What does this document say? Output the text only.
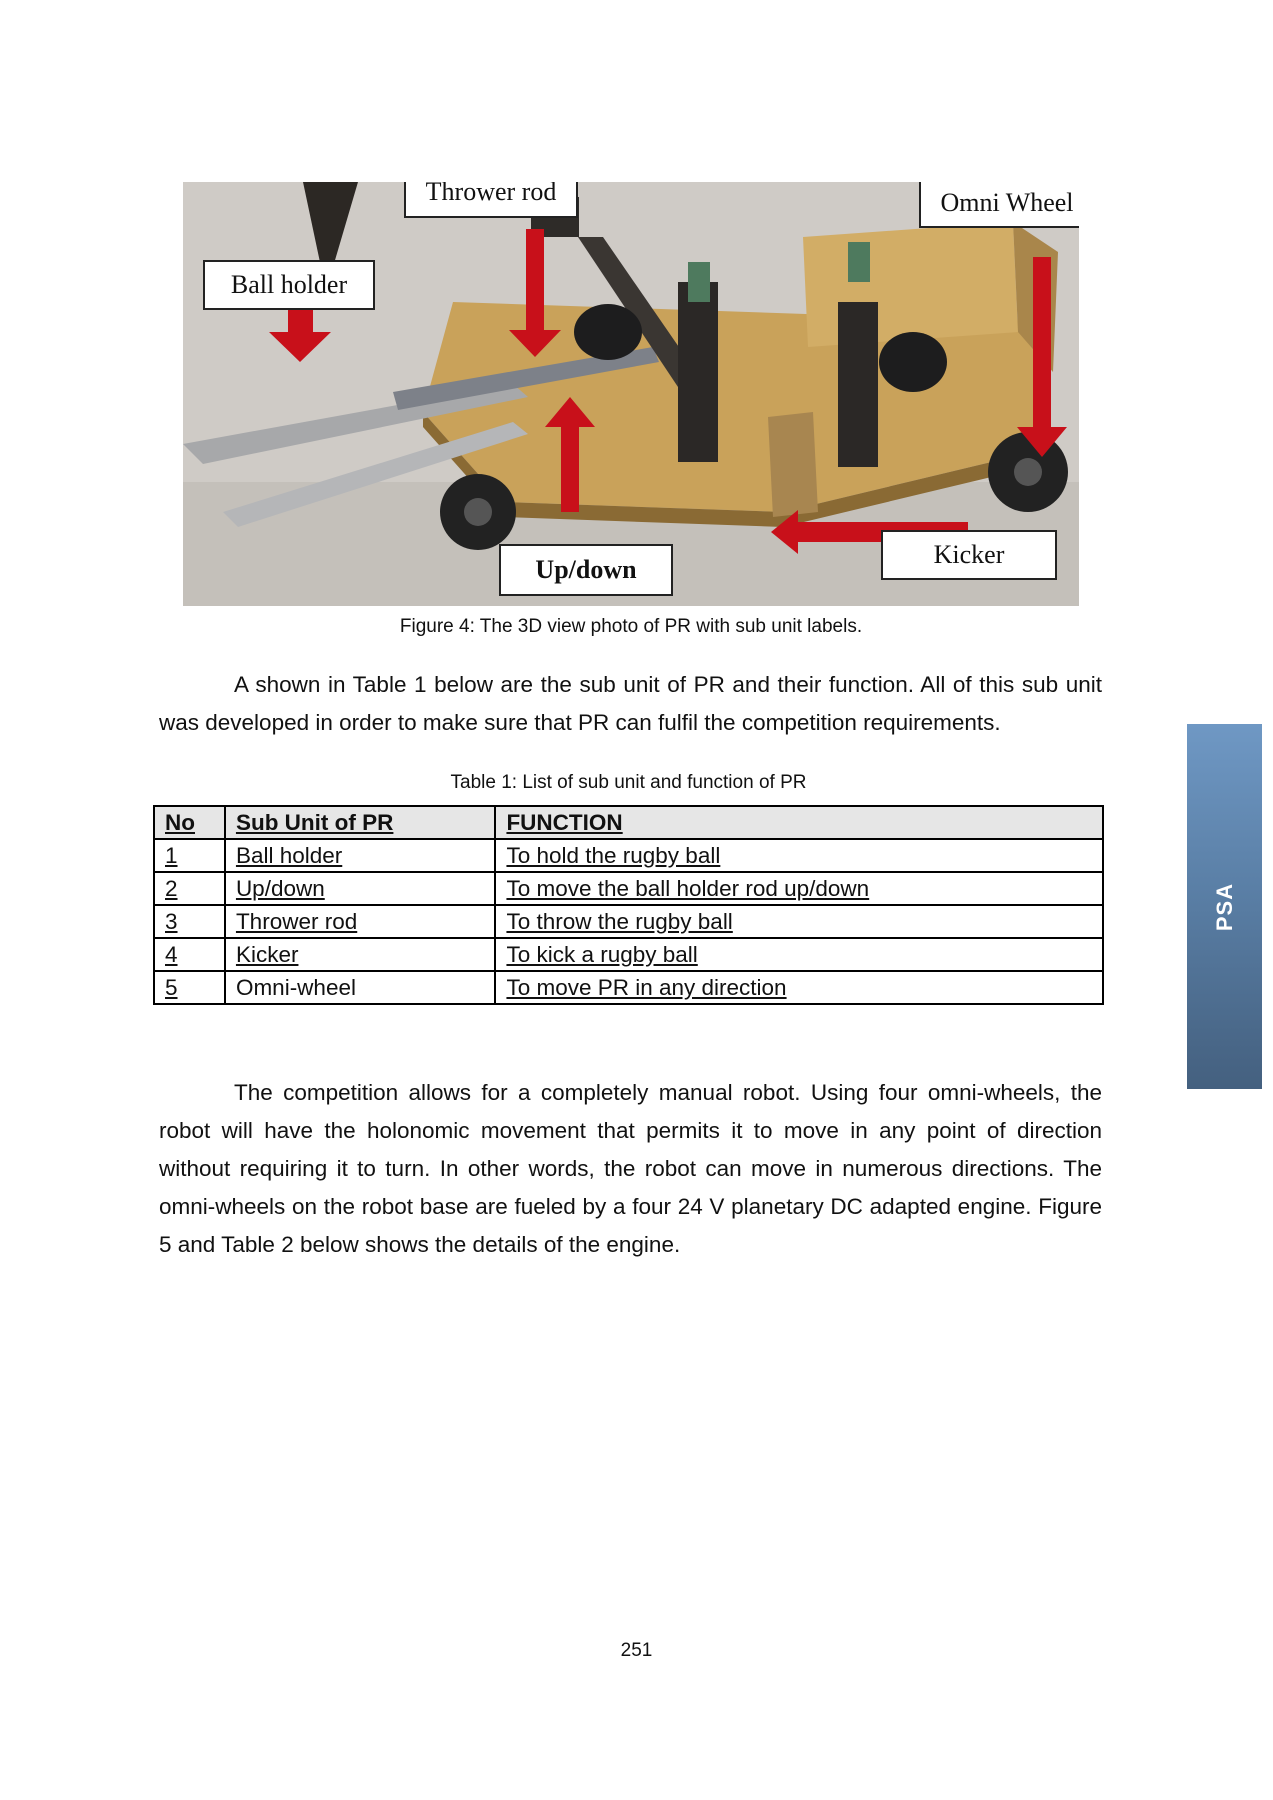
Thrower rod	Omni Wheel
Ball holder
Up/down
Kicker
Figure 4: The 3D view photo of PR with sub unit labels.

A shown in Table 1 below are the sub unit of PR and their function. All of this sub unit was developed in order to make sure that PR can fulfil the competition requirements.

Table 1: List of sub unit and function of PR
No	Sub Unit of PR	FUNCTION
1	Ball holder	To hold the rugby ball
2	Up/down	To move the ball holder rod up/down
3	Thrower rod	To throw the rugby ball
4	Kicker	To kick a rugby ball
5	Omni-wheel	To move PR in any direction

The competition allows for a completely manual robot. Using four omni-wheels, the robot will have the holonomic movement that permits it to move in any point of direction without requiring it to turn. In other words, the robot can move in numerous directions. The omni-wheels on the robot base are fueled by a four 24 V planetary DC adapted engine. Figure 5 and Table 2 below shows the details of the engine.

PSA
251
